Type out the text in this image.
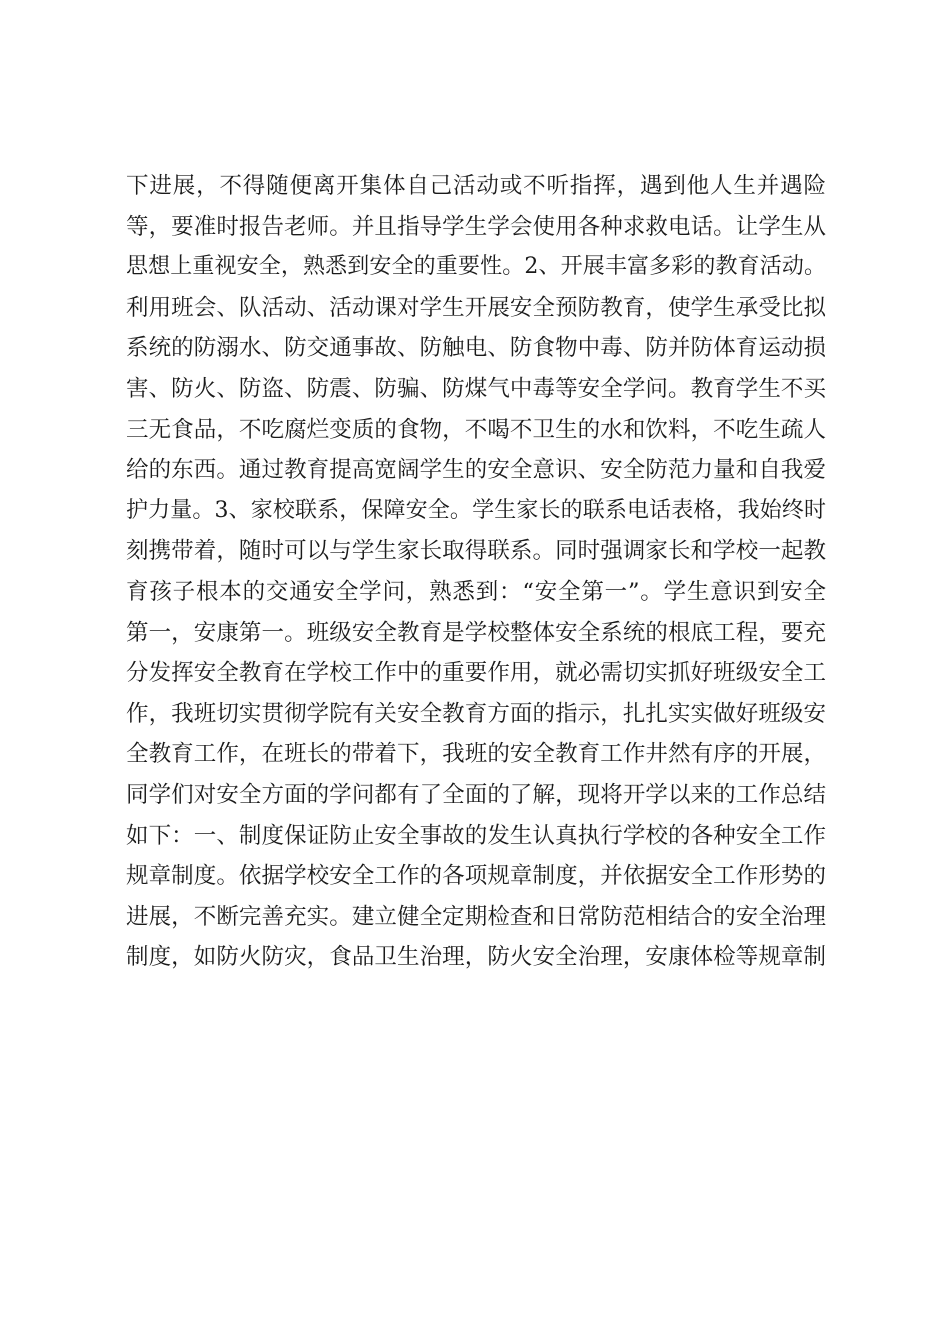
下进展，不得随便离开集体自己活动或不听指挥，遇到他人生并遇险
等，要准时报告老师。并且指导学生学会使用各种求救电话。让学生从
思想上重视安全，熟悉到安全的重要性。2、开展丰富多彩的教育活动。
利用班会、队活动、活动课对学生开展安全预防教育，使学生承受比拟
系统的防溺水、防交通事故、防触电、防食物中毒、防并防体育运动损
害、防火、防盗、防震、防骗、防煤气中毒等安全学问。教育学生不买
三无食品，不吃腐烂变质的食物，不喝不卫生的水和饮料，不吃生疏人
给的东西。通过教育提高宽阔学生的安全意识、安全防范力量和自我爱
护力量。3、家校联系，保障安全。学生家长的联系电话表格，我始终时
刻携带着，随时可以与学生家长取得联系。同时强调家长和学校一起教
育孩子根本的交通安全学问，熟悉到：“安全第一”。学生意识到安全
第一，安康第一。班级安全教育是学校整体安全系统的根底工程，要充
分发挥安全教育在学校工作中的重要作用，就必需切实抓好班级安全工
作，我班切实贯彻学院有关安全教育方面的指示，扎扎实实做好班级安
全教育工作，在班长的带着下，我班的安全教育工作井然有序的开展，
同学们对安全方面的学问都有了全面的了解，现将开学以来的工作总结
如下：一、制度保证防止安全事故的发生认真执行学校的各种安全工作
规章制度。依据学校安全工作的各项规章制度，并依据安全工作形势的
进展，不断完善充实。建立健全定期检查和日常防范相结合的安全治理
制度，如防火防灾，食品卫生治理，防火安全治理，安康体检等规章制
